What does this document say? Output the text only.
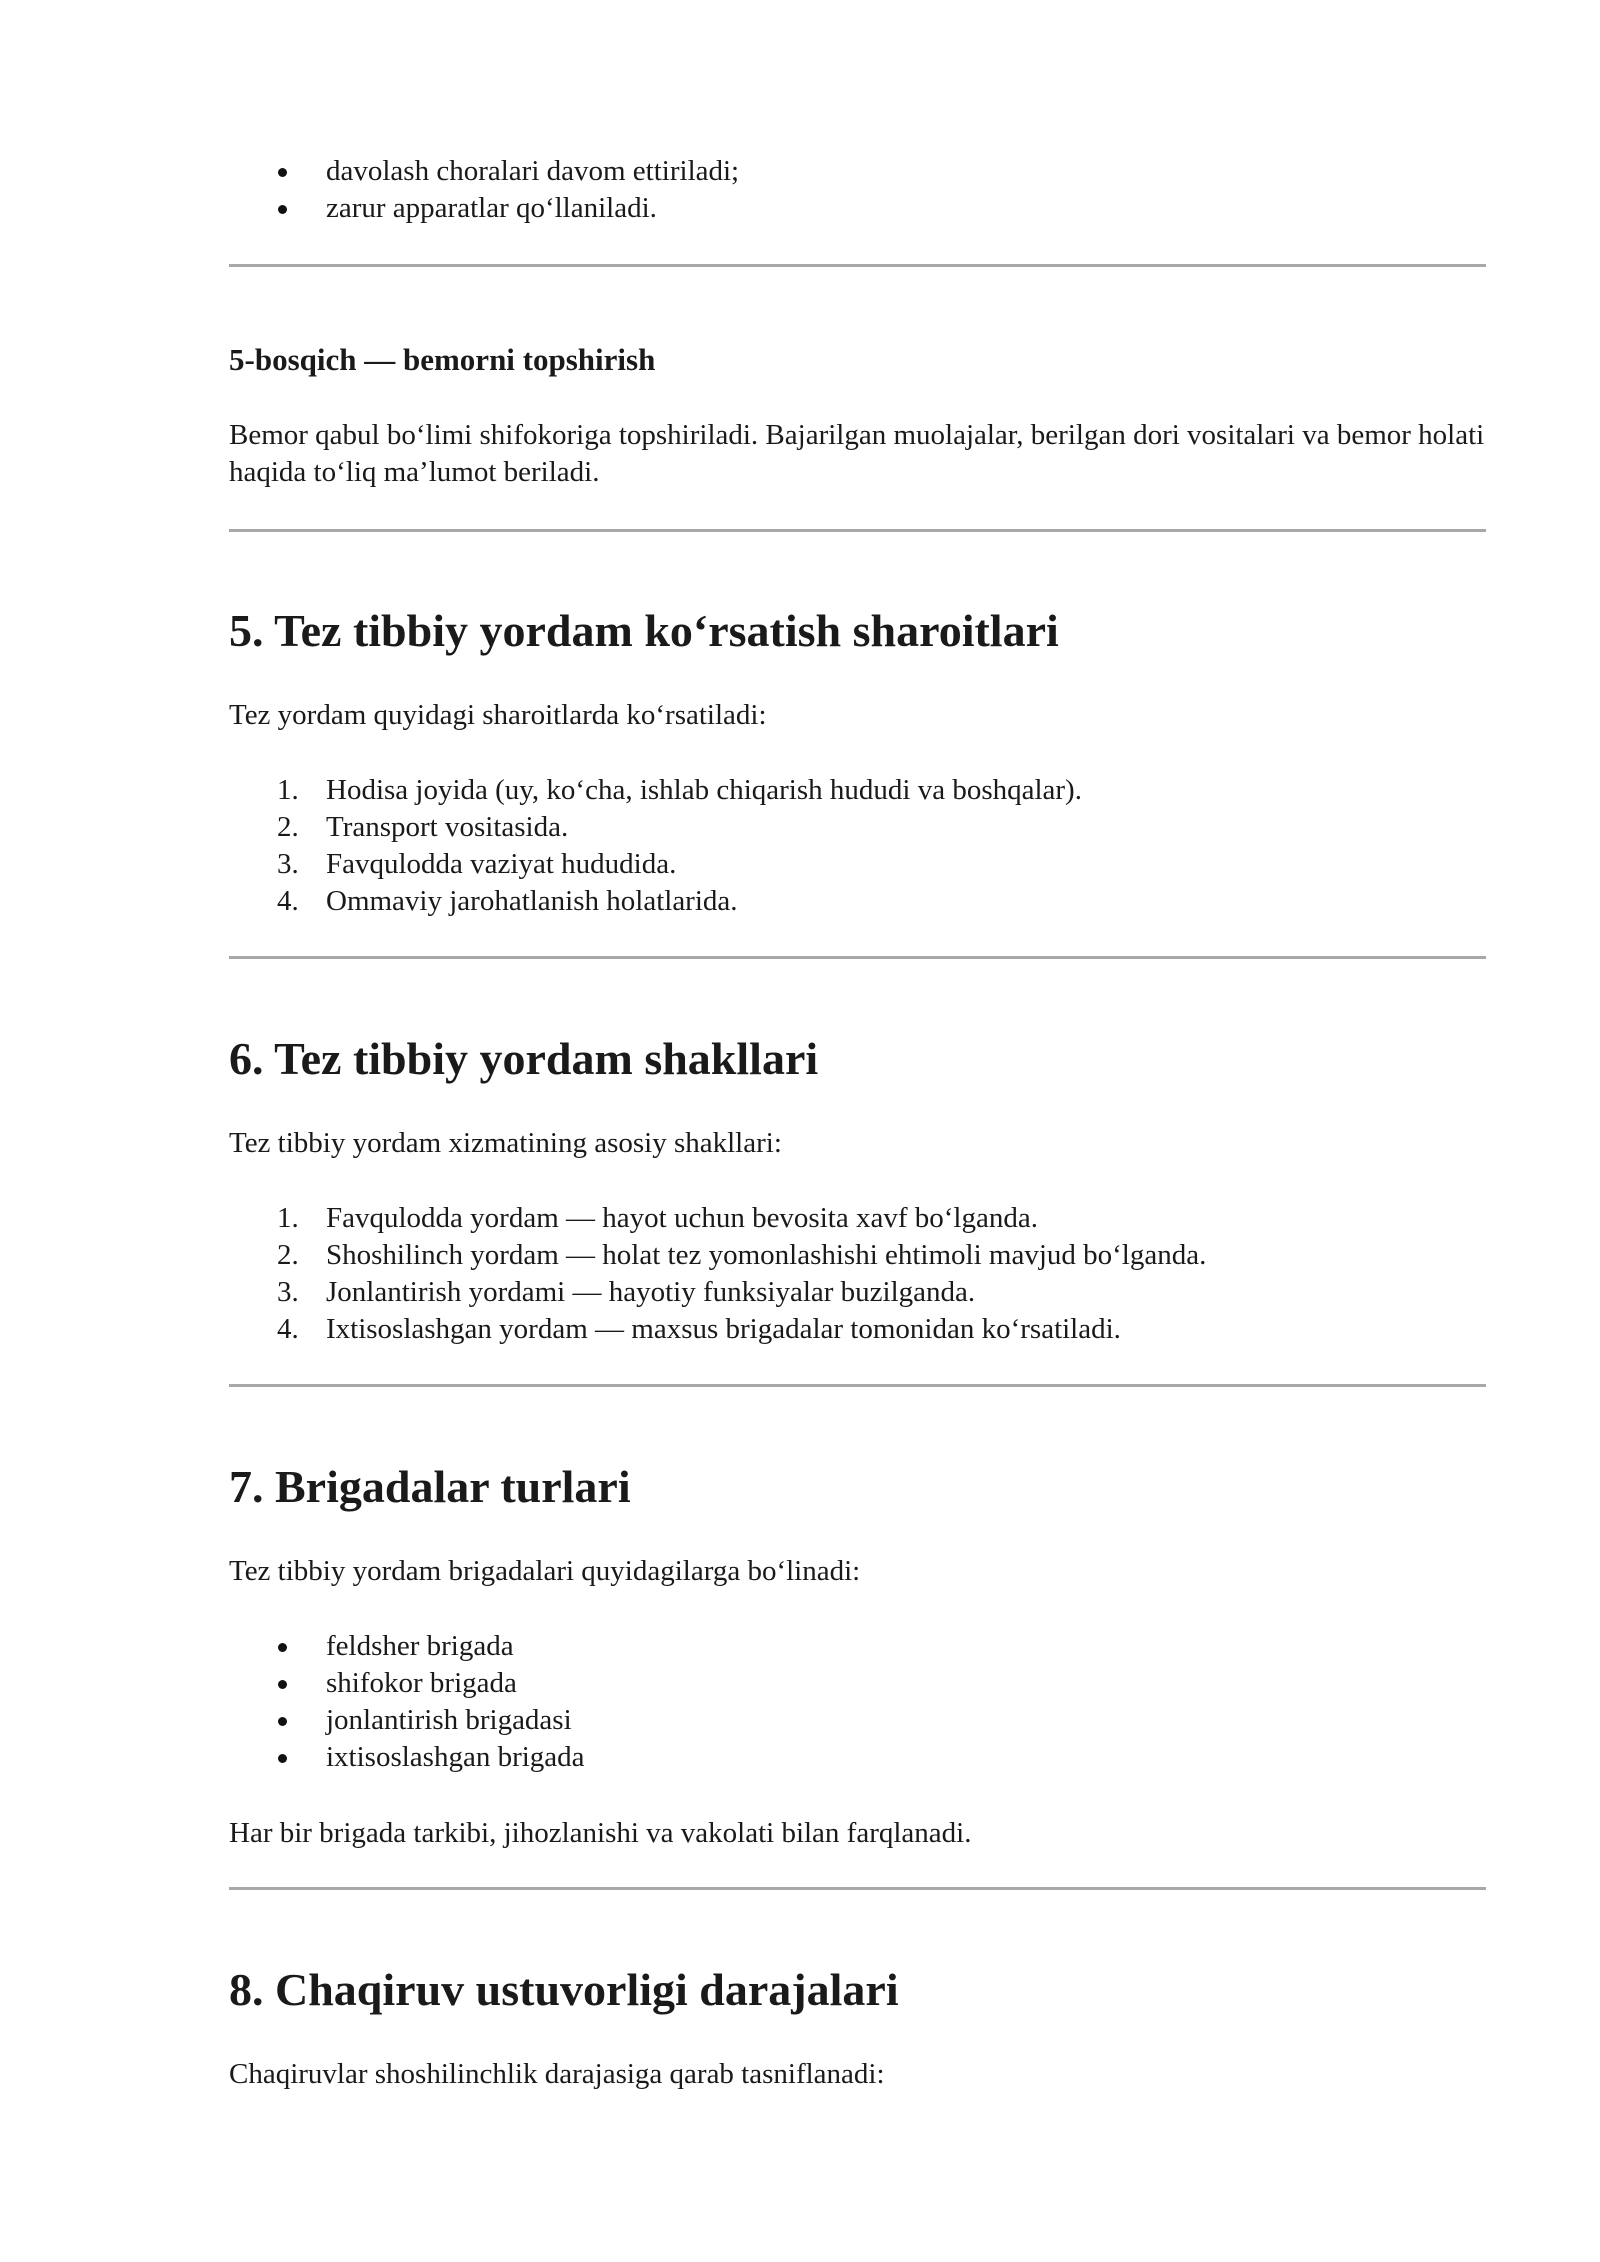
davolash choralari davom ettiriladi;
zarur apparatlar qo‘llaniladi.
5-bosqich — bemorni topshirish

Bemor qabul bo‘limi shifokoriga topshiriladi. Bajarilgan muolajalar, berilgan dori vositalari va bemor holati haqida to‘liq ma’lumot beriladi.

5. Tez tibbiy yordam ko‘rsatish sharoitlari

Tez yordam quyidagi sharoitlarda ko‘rsatiladi:

1. Hodisa joyida (uy, ko‘cha, ishlab chiqarish hududi va boshqalar).
2. Transport vositasida.
3. Favqulodda vaziyat hududida.
4. Ommaviy jarohatlanish holatlarida.
6. Tez tibbiy yordam shakllari

Tez tibbiy yordam xizmatining asosiy shakllari:

1. Favqulodda yordam — hayot uchun bevosita xavf bo‘lganda.
2. Shoshilinch yordam — holat tez yomonlashishi ehtimoli mavjud bo‘lganda.
3. Jonlantirish yordami — hayotiy funksiyalar buzilganda.
4. Ixtisoslashgan yordam — maxsus brigadalar tomonidan ko‘rsatiladi.
7. Brigadalar turlari

Tez tibbiy yordam brigadalari quyidagilarga bo‘linadi:

feldsher brigada
shifokor brigada
jonlantirish brigadasi
ixtisoslashgan brigada

Har bir brigada tarkibi, jihozlanishi va vakolati bilan farqlanadi.

8. Chaqiruv ustuvorligi darajalari

Chaqiruvlar shoshilinchlik darajasiga qarab tasniflanadi:
